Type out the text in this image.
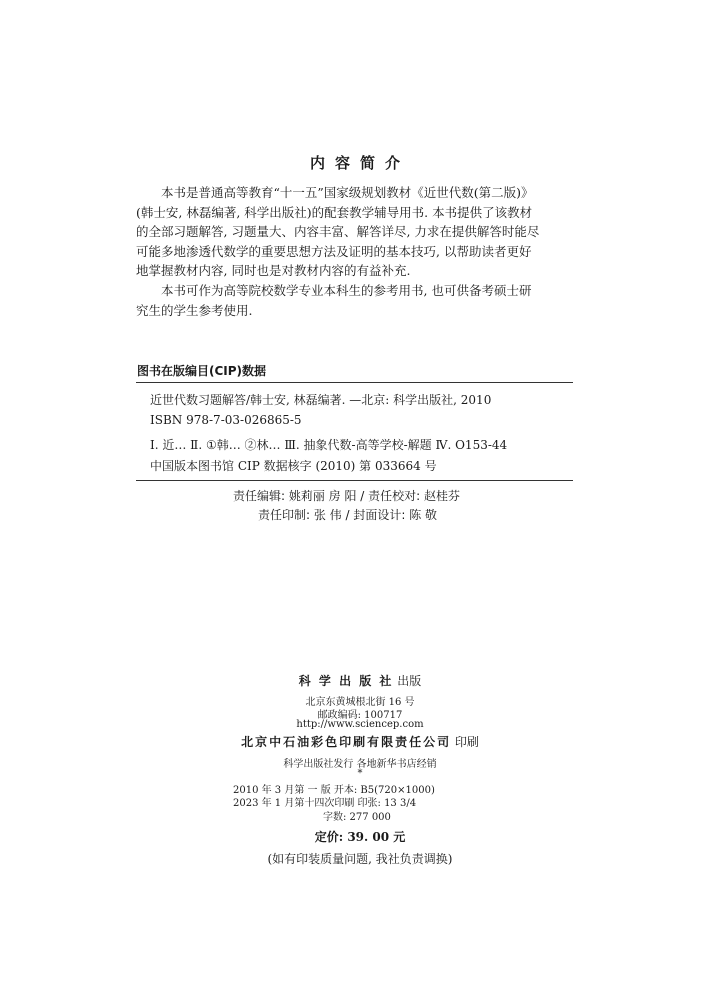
内容简介
本书是普通高等教育“十一五”国家级规划教材《近世代数(第二版)》
(韩士安, 林磊编著, 科学出版社)的配套教学辅导用书. 本书提供了该教材
的全部习题解答, 习题量大、内容丰富、解答详尽, 力求在提供解答时能尽
可能多地渗透代数学的重要思想方法及证明的基本技巧, 以帮助读者更好
地掌握教材内容, 同时也是对教材内容的有益补充.
本书可作为高等院校数学专业本科生的参考用书, 也可供备考硕士研
究生的学生参考使用.
图书在版编目(CIP)数据
近世代数习题解答/韩士安, 林磊编著. —北京: 科学出版社, 2010
ISBN 978-7-03-026865-5
Ⅰ. 近… Ⅱ. ①韩… ②林… Ⅲ. 抽象代数-高等学校-解题 Ⅳ. O153-44
中国版本图书馆 CIP 数据核字 (2010) 第 033664 号
责任编辑: 姚莉丽 房 阳 / 责任校对: 赵桂芬
责任印制: 张 伟 / 封面设计: 陈 敬
科 学 出 版 社 出版
北京东黄城根北街 16 号
邮政编码: 100717
http://www.sciencep.com
北京中石油彩色印刷有限责任公司 印刷
科学出版社发行 各地新华书店经销
*
2010 年 3 月第 一 版 开本: B5(720×1000)
2023 年 1 月第十四次印刷 印张: 13 3/4
字数: 277 000
定价: 39. 00 元
(如有印装质量问题, 我社负责调换)
